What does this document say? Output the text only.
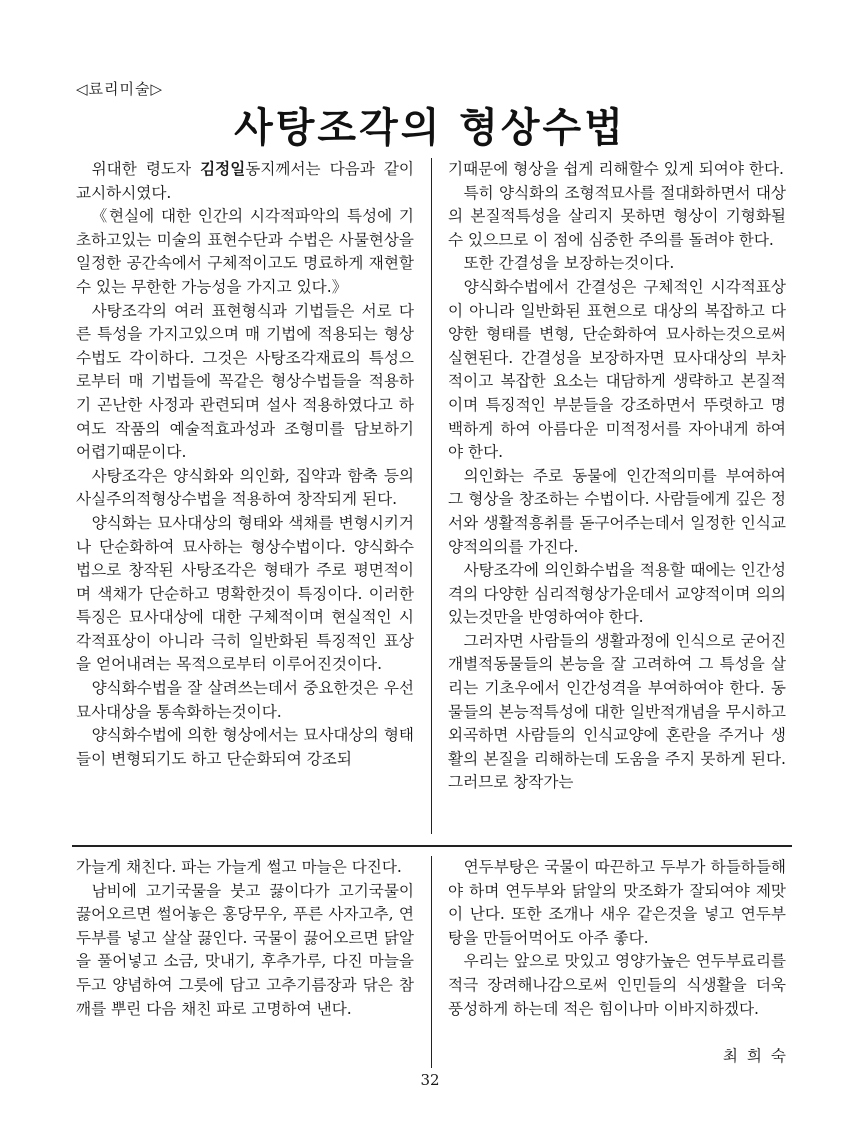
◁료리미술▷
사탕조각의 형상수법

위대한 령도자 김정일동지께서는 다음과 같이 교시하시였다.

《현실에 대한 인간의 시각적파악의 특성에 기초하고있는 미술의 표현수단과 수법은 사물현상을 일정한 공간속에서 구체적이고도 명료하게 재현할수 있는 무한한 가능성을 가지고 있다.》

사탕조각의 여러 표현형식과 기법들은 서로 다른 특성을 가지고있으며 매 기법에 적용되는 형상수법도 각이하다. 그것은 사탕조각재료의 특성으로부터 매 기법들에 꼭같은 형상수법들을 적용하기 곤난한 사정과 관련되며 설사 적용하였다고 하여도 작품의 예술적효과성과 조형미를 담보하기 어렵기때문이다.

사탕조각은 양식화와 의인화, 집약과 함축 등의 사실주의적형상수법을 적용하여 창작되게 된다.

양식화는 묘사대상의 형태와 색채를 변형시키거나 단순화하여 묘사하는 형상수법이다. 양식화수법으로 창작된 사탕조각은 형태가 주로 평면적이며 색채가 단순하고 명확한것이 특징이다. 이러한 특징은 묘사대상에 대한 구체적이며 현실적인 시각적표상이 아니라 극히 일반화된 특징적인 표상을 얻어내려는 목적으로부터 이루어진것이다.

양식화수법을 잘 살려쓰는데서 중요한것은 우선 묘사대상을 통속화하는것이다.

양식화수법에 의한 형상에서는 묘사대상의 형태들이 변형되기도 하고 단순화되여 강조되

기때문에 형상을 쉽게 리해할수 있게 되여야 한다.

특히 양식화의 조형적묘사를 절대화하면서 대상의 본질적특성을 살리지 못하면 형상이 기형화될수 있으므로 이 점에 심중한 주의를 돌려야 한다.

또한 간결성을 보장하는것이다.

양식화수법에서 간결성은 구체적인 시각적표상이 아니라 일반화된 표현으로 대상의 복잡하고 다양한 형태를 변형, 단순화하여 묘사하는것으로써 실현된다. 간결성을 보장하자면 묘사대상의 부차적이고 복잡한 요소는 대담하게 생략하고 본질적이며 특징적인 부분들을 강조하면서 뚜렷하고 명백하게 하여 아름다운 미적정서를 자아내게 하여야 한다.

의인화는 주로 동물에 인간적의미를 부여하여 그 형상을 창조하는 수법이다. 사람들에게 깊은 정서와 생활적흥취를 돋구어주는데서 일정한 인식교양적의의를 가진다.

사탕조각에 의인화수법을 적용할 때에는 인간성격의 다양한 심리적형상가운데서 교양적이며 의의있는것만을 반영하여야 한다.

그러자면 사람들의 생활과정에 인식으로 굳어진 개별적동물들의 본능을 잘 고려하여 그 특성을 살리는 기초우에서 인간성격을 부여하여야 한다. 동물들의 본능적특성에 대한 일반적개념을 무시하고 외곡하면 사람들의 인식교양에 혼란을 주거나 생활의 본질을 리해하는데 도움을 주지 못하게 된다. 그러므로 창작가는

가늘게 채친다. 파는 가늘게 썰고 마늘은 다진다.

남비에 고기국물을 붓고 끓이다가 고기국물이 끓어오르면 썰어놓은 홍당무우, 푸른 사자고추, 연두부를 넣고 살살 끓인다. 국물이 끓어오르면 닭알을 풀어넣고 소금, 맛내기, 후추가루, 다진 마늘을 두고 양념하여 그릇에 담고 고추기름장과 닦은 참깨를 뿌린 다음 채친 파로 고명하여 낸다.

연두부탕은 국물이 따끈하고 두부가 하들하들해야 하며 연두부와 닭알의 맛조화가 잘되여야 제맛이 난다. 또한 조개나 새우 같은것을 넣고 연두부탕을 만들어먹어도 아주 좋다.

우리는 앞으로 맛있고 영양가높은 연두부료리를 적극 장려해나감으로써 인민들의 식생활을 더욱 풍성하게 하는데 적은 힘이나마 이바지하겠다.

최 희 숙
32
